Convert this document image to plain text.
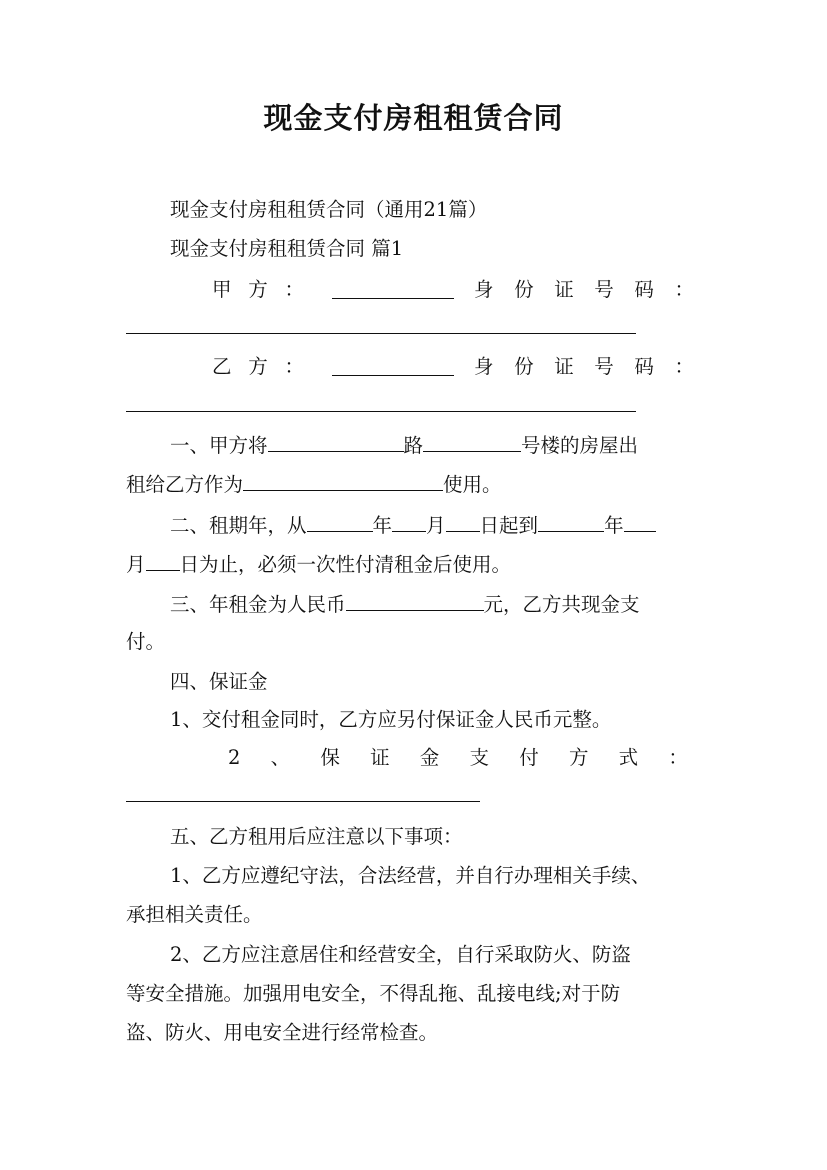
现金支付房租租赁合同
现金支付房租租赁合同（通用21篇）
现金支付房租租赁合同 篇1
甲 方 ：	身 份 证 号 码 ：
乙 方 ：	身 份 证 号 码 ：
一、甲方将	路	号楼的房屋出
租给乙方作为	使用。
二、租期年，从	年 月 日起到	年
月 日为止，必须一次性付清租金后使用。
三、年租金为人民币	元，乙方共现金支
付。
四、保证金
1、交付租金同时，乙方应另付保证金人民币元整。
2 、 保 证 金 支 付 方 式 ：
五、乙方租用后应注意以下事项：
1、乙方应遵纪守法，合法经营，并自行办理相关手续、
承担相关责任。
2、乙方应注意居住和经营安全，自行采取防火、防盗
等安全措施。加强用电安全，不得乱拖、乱接电线;对于防
盗、防火、用电安全进行经常检查。
